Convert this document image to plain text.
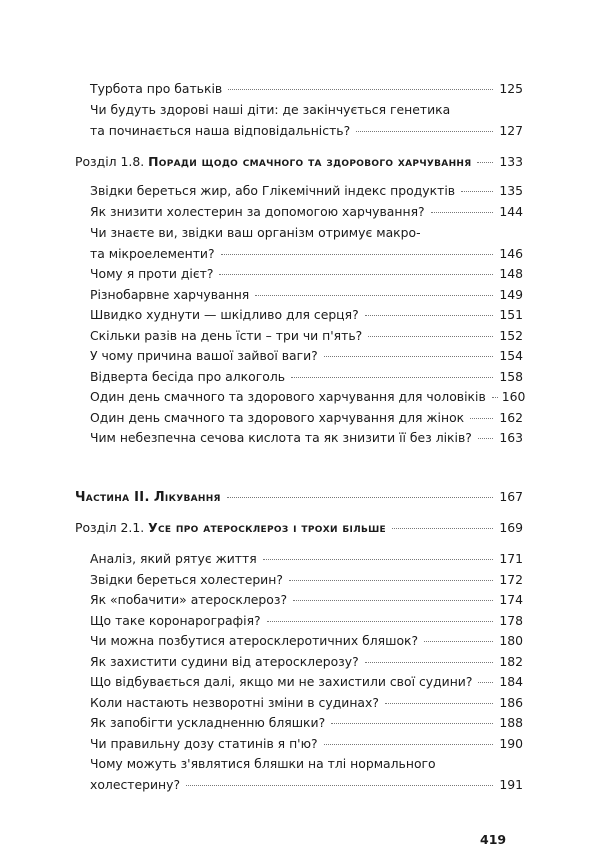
Турбота про батьків	125
Чи будуть здорові наші діти: де закінчується генетика
та починається наша відповідальність?	127
Розділ 1.8. Поради щодо смачного та здорового харчування 133
Звідки береться жир, або Глікемічний індекс продуктів	135
Як знизити холестерин за допомогою харчування?	144
Чи знаєте ви, звідки ваш організм отримує макро-
та мікроелементи?	146
Чому я проти дієт?	148
Різнобарвне харчування	149
Швидко худнути — шкідливо для серця?	151
Скільки разів на день їсти – три чи п'ять?	152
У чому причина вашої зайвої ваги?	154
Відверта бесіда про алкоголь	158
Один день смачного та здорового харчування для чоловіків 160
Один день смачного та здорового харчування для жінок	162
Чим небезпечна сечова кислота та як знизити її без ліків? 163
Частина II. Лікування	167
Розділ 2.1. Усе про атеросклероз і трохи більше	169
Аналіз, який рятує життя	171
Звідки береться холестерин?	172
Як «побачити» атеросклероз?	174
Що таке коронарографія?	178
Чи можна позбутися атеросклеротичних бляшок?	180
Як захистити судини від атеросклерозу?	182
Що відбувається далі, якщо ми не захистили свої судини? 184
Коли настають незворотні зміни в судинах?	186
Як запобігти ускладненню бляшки?	188
Чи правильну дозу статинів я п'ю?	190
Чому можуть з'являтися бляшки на тлі нормального
холестерину?	191
419
